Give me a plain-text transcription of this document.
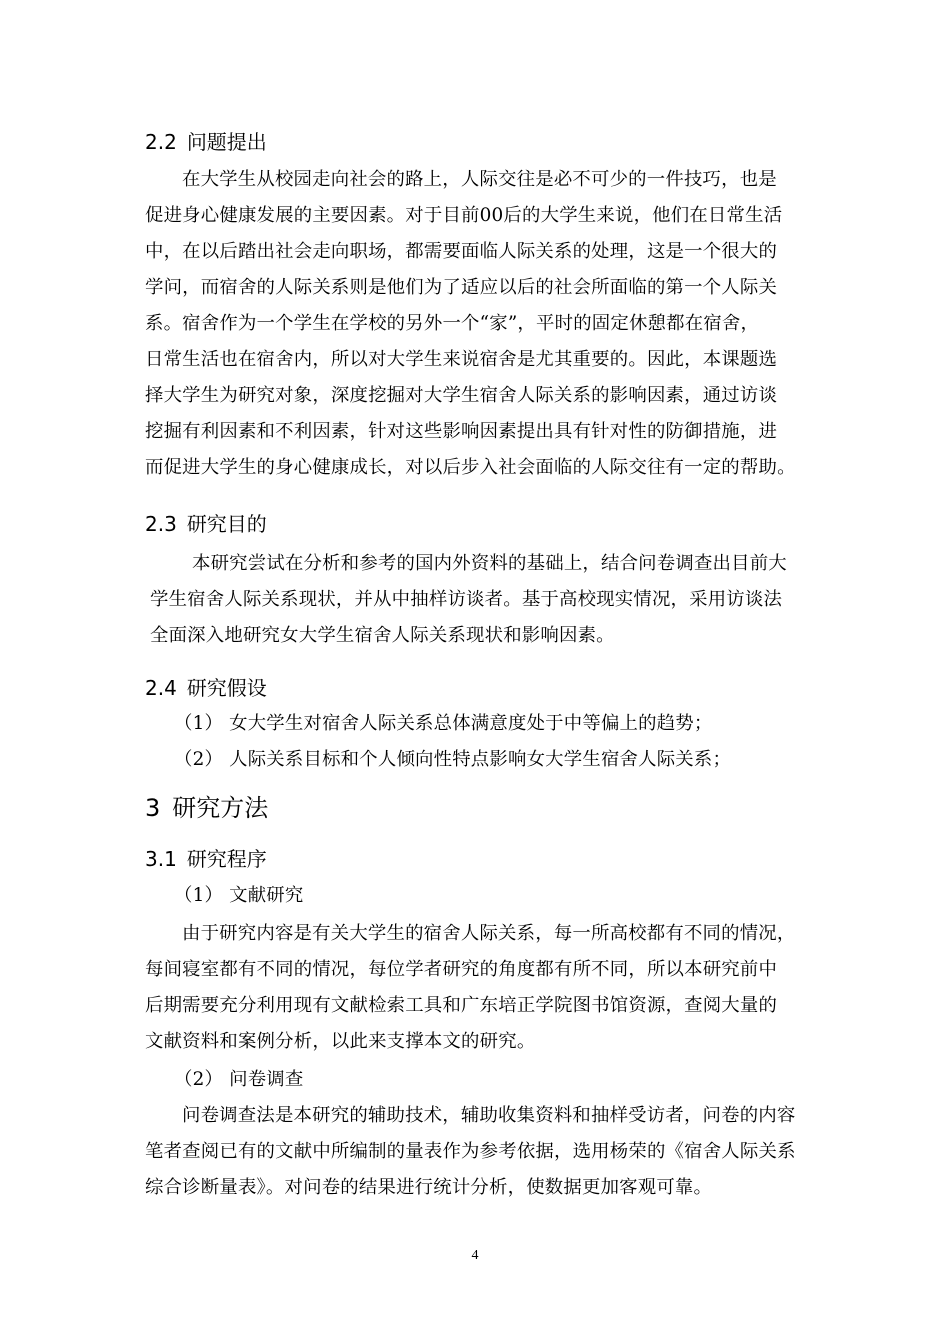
2.2 问题提出
在大学生从校园走向社会的路上，人际交往是必不可少的一件技巧，也是
促进身心健康发展的主要因素。对于目前00后的大学生来说，他们在日常生活
中，在以后踏出社会走向职场，都需要面临人际关系的处理，这是一个很大的
学问，而宿舍的人际关系则是他们为了适应以后的社会所面临的第一个人际关
系。宿舍作为一个学生在学校的另外一个“家”，平时的固定休憩都在宿舍，
日常生活也在宿舍内，所以对大学生来说宿舍是尤其重要的。因此，本课题选
择大学生为研究对象，深度挖掘对大学生宿舍人际关系的影响因素，通过访谈
挖掘有利因素和不利因素，针对这些影响因素提出具有针对性的防御措施，进
而促进大学生的身心健康成长，对以后步入社会面临的人际交往有一定的帮助。
2.3 研究目的
本研究尝试在分析和参考的国内外资料的基础上，结合问卷调查出目前大
学生宿舍人际关系现状，并从中抽样访谈者。基于高校现实情况，采用访谈法
全面深入地研究女大学生宿舍人际关系现状和影响因素。
2.4 研究假设
（1） 女大学生对宿舍人际关系总体满意度处于中等偏上的趋势；
（2） 人际关系目标和个人倾向性特点影响女大学生宿舍人际关系；
3 研究方法
3.1 研究程序
（1） 文献研究
由于研究内容是有关大学生的宿舍人际关系，每一所高校都有不同的情况，
每间寝室都有不同的情况，每位学者研究的角度都有所不同，所以本研究前中
后期需要充分利用现有文献检索工具和广东培正学院图书馆资源，查阅大量的
文献资料和案例分析，以此来支撑本文的研究。
（2） 问卷调查
问卷调查法是本研究的辅助技术，辅助收集资料和抽样受访者，问卷的内容
笔者查阅已有的文献中所编制的量表作为参考依据，选用杨荣的《宿舍人际关系
综合诊断量表》。对问卷的结果进行统计分析，使数据更加客观可靠。
4
